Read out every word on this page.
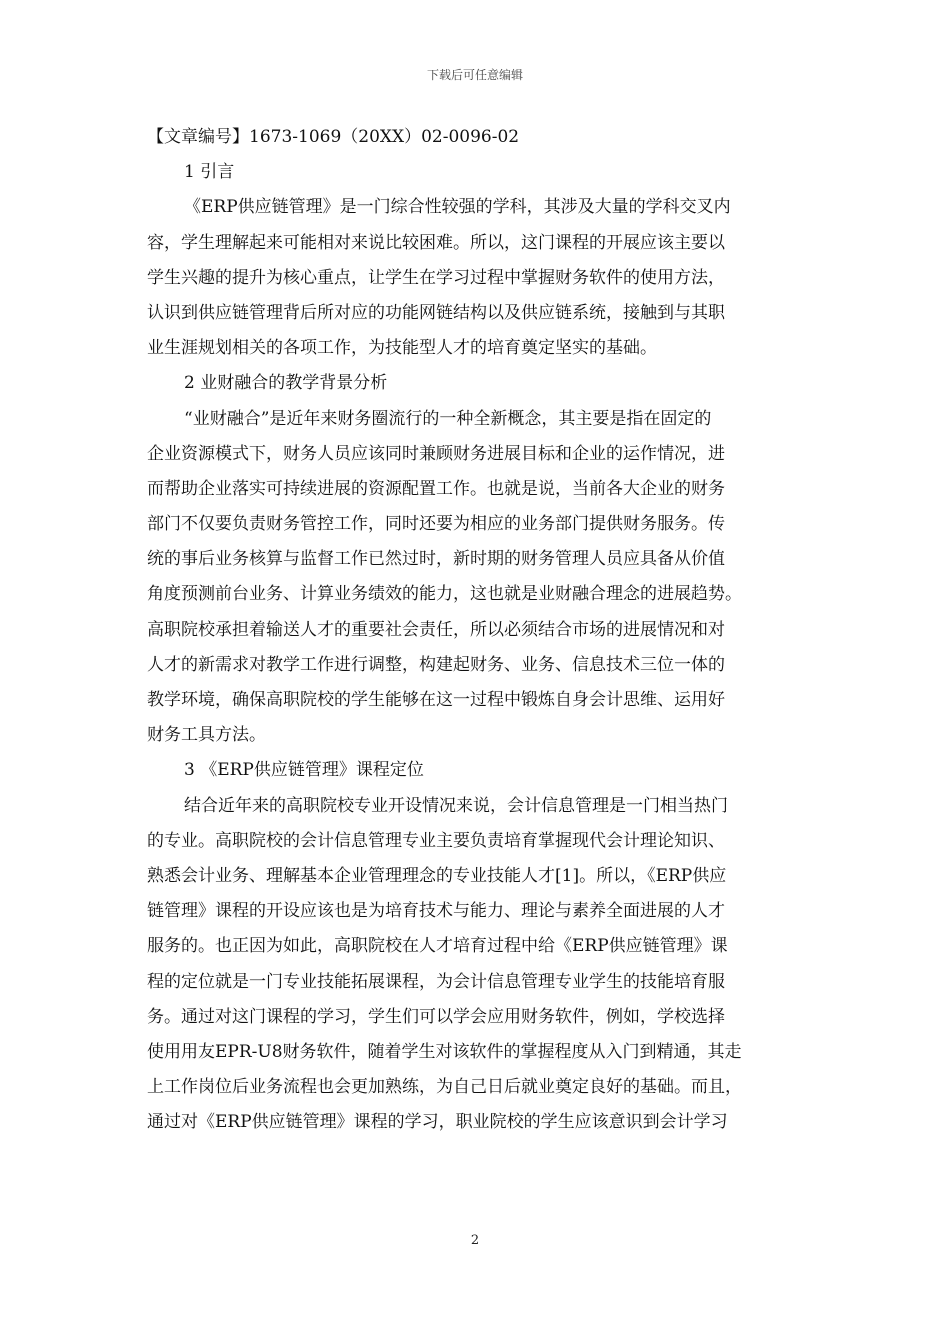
下载后可任意编辑
【文章编号】1673-1069（20XX）02-0096-02
1 引言
《ERP供应链管理》是一门综合性较强的学科，其涉及大量的学科交叉内
容，学生理解起来可能相对来说比较困难。所以，这门课程的开展应该主要以
学生兴趣的提升为核心重点，让学生在学习过程中掌握财务软件的使用方法，
认识到供应链管理背后所对应的功能网链结构以及供应链系统，接触到与其职
业生涯规划相关的各项工作，为技能型人才的培育奠定坚实的基础。
2 业财融合的教学背景分析
“业财融合”是近年来财务圈流行的一种全新概念，其主要是指在固定的
企业资源模式下，财务人员应该同时兼顾财务进展目标和企业的运作情况，进
而帮助企业落实可持续进展的资源配置工作。也就是说，当前各大企业的财务
部门不仅要负责财务管控工作，同时还要为相应的业务部门提供财务服务。传
统的事后业务核算与监督工作已然过时，新时期的财务管理人员应具备从价值
角度预测前台业务、计算业务绩效的能力，这也就是业财融合理念的进展趋势。
高职院校承担着输送人才的重要社会责任，所以必须结合市场的进展情况和对
人才的新需求对教学工作进行调整，构建起财务、业务、信息技术三位一体的
教学环境，确保高职院校的学生能够在这一过程中锻炼自身会计思维、运用好
财务工具方法。
3 《ERP供应链管理》课程定位
结合近年来的高职院校专业开设情况来说，会计信息管理是一门相当热门
的专业。高职院校的会计信息管理专业主要负责培育掌握现代会计理论知识、
熟悉会计业务、理解基本企业管理理念的专业技能人才[1]。所以，《ERP供应
链管理》课程的开设应该也是为培育技术与能力、理论与素养全面进展的人才
服务的。也正因为如此，高职院校在人才培育过程中给《ERP供应链管理》课
程的定位就是一门专业技能拓展课程，为会计信息管理专业学生的技能培育服
务。通过对这门课程的学习，学生们可以学会应用财务软件，例如，学校选择
使用用友EPR-U8财务软件，随着学生对该软件的掌握程度从入门到精通，其走
上工作岗位后业务流程也会更加熟练，为自己日后就业奠定良好的基础。而且，
通过对《ERP供应链管理》课程的学习，职业院校的学生应该意识到会计学习
2
